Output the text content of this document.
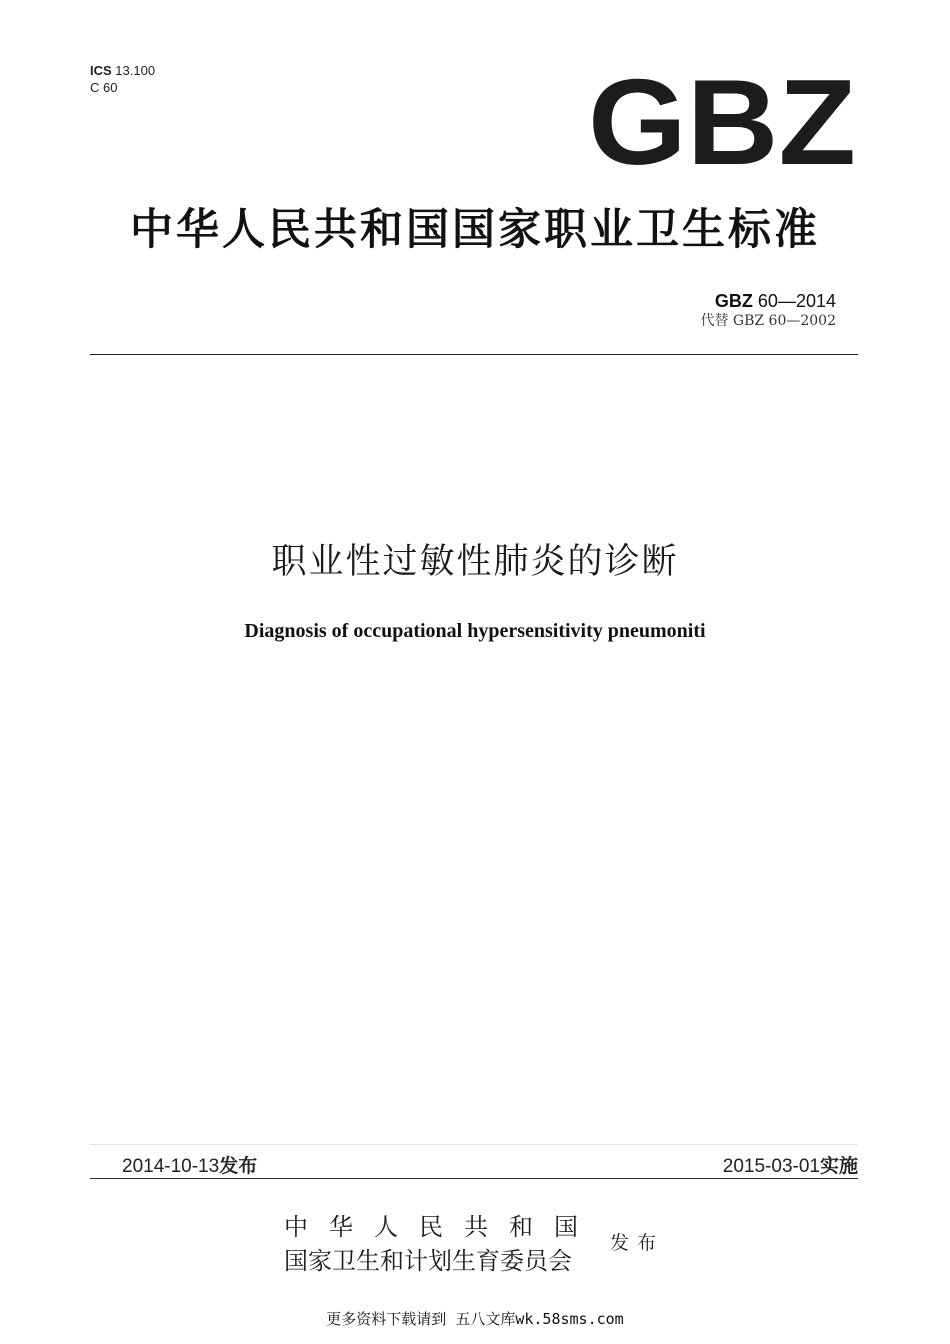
ICS 13.100
C 60	GBZ
中华人民共和国国家职业卫生标准
GBZ 60—2014
代替 GBZ 60—2002
职业性过敏性肺炎的诊断
Diagnosis of occupational hypersensitivity pneumoniti
2014-10-13发布	2015-03-01实施
中华人民共和国
国家卫生和计划生育委员会
发布
更多资料下载请到 五八文库wk.58sms.com
